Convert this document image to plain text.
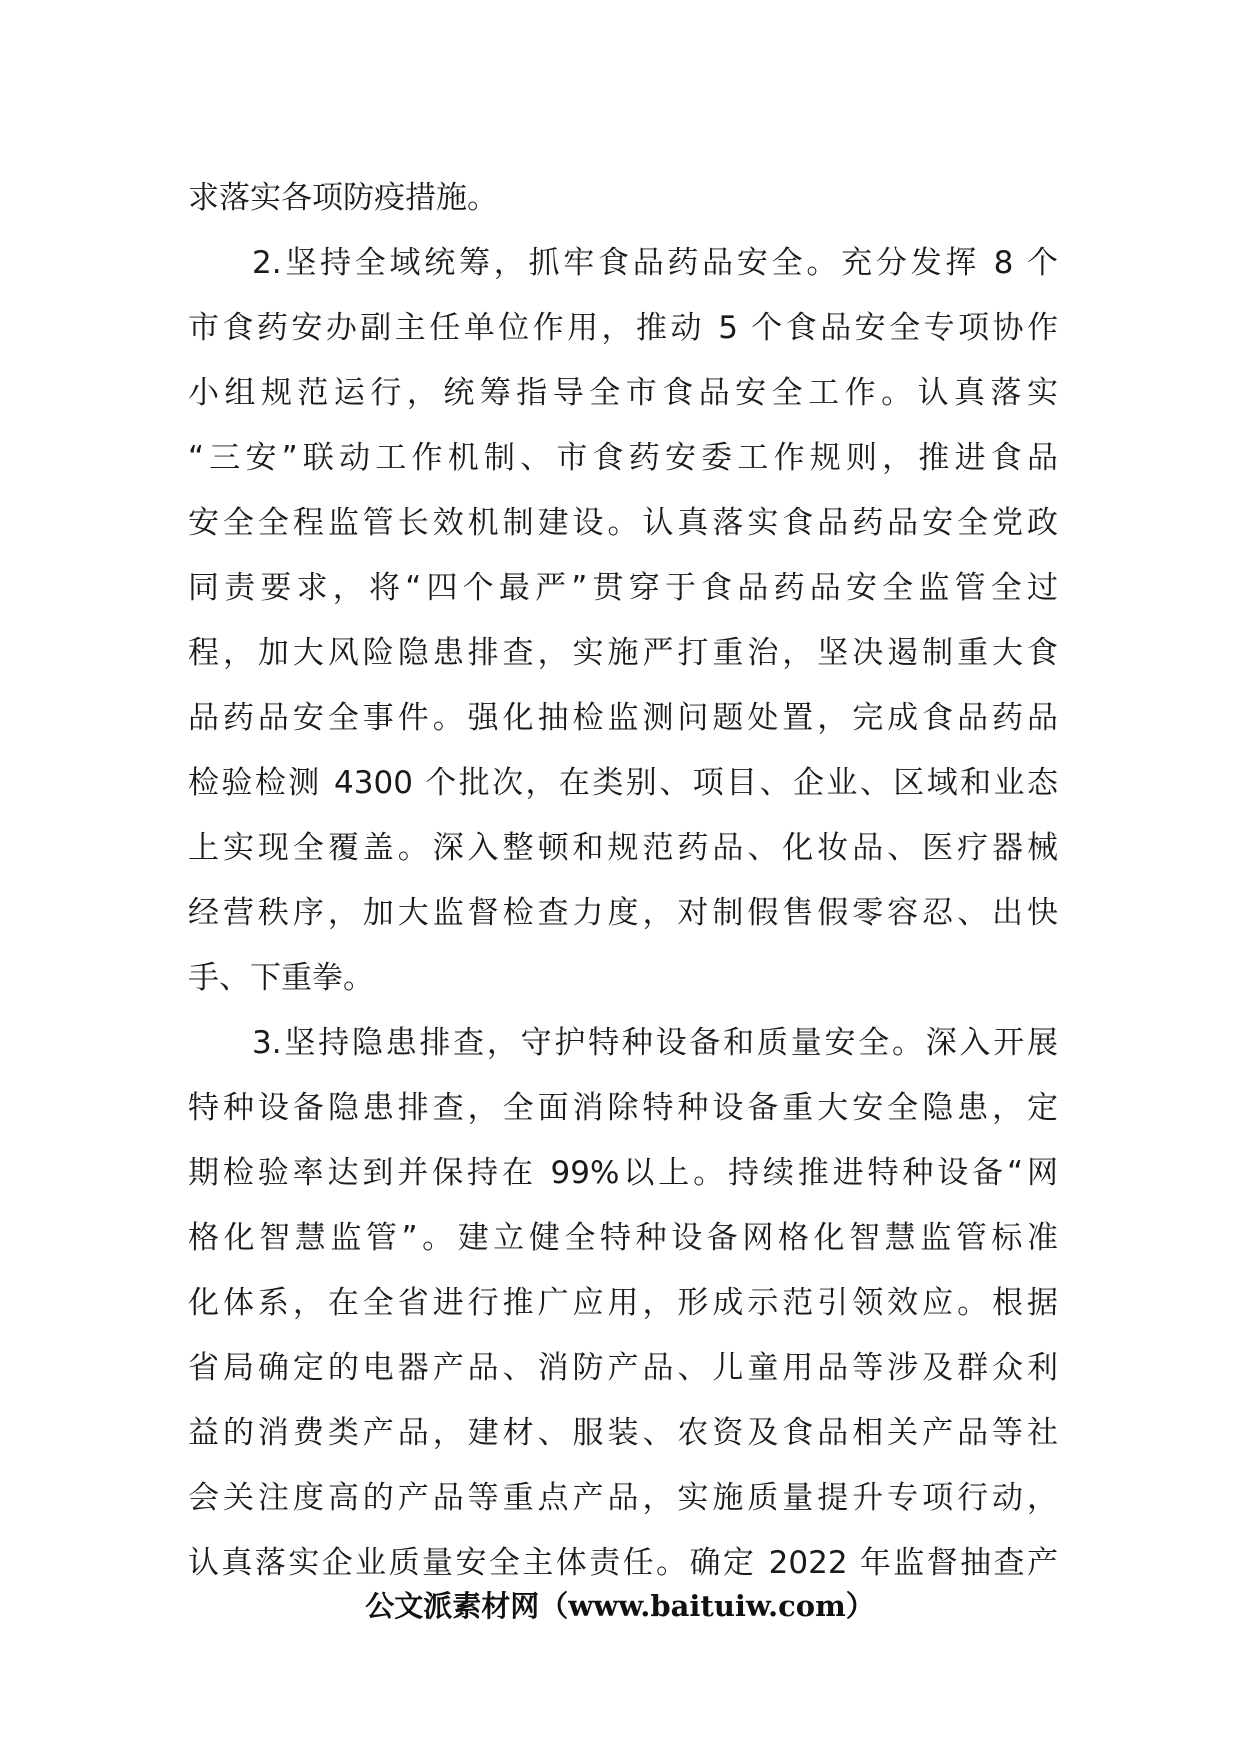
求落实各项防疫措施。
2.坚持全域统筹，抓牢食品药品安全。充分发挥 8 个
市食药安办副主任单位作用，推动 5 个食品安全专项协作
小组规范运行，统筹指导全市食品安全工作。认真落实
“三安”联动工作机制、市食药安委工作规则，推进食品
安全全程监管长效机制建设。认真落实食品药品安全党政
同责要求，将“四个最严”贯穿于食品药品安全监管全过
程，加大风险隐患排查，实施严打重治，坚决遏制重大食
品药品安全事件。强化抽检监测问题处置，完成食品药品
检验检测 4300 个批次，在类别、项目、企业、区域和业态
上实现全覆盖。深入整顿和规范药品、化妆品、医疗器械
经营秩序，加大监督检查力度，对制假售假零容忍、出快
手、下重拳。
3.坚持隐患排查，守护特种设备和质量安全。深入开展
特种设备隐患排查，全面消除特种设备重大安全隐患，定
期检验率达到并保持在 99%以上。持续推进特种设备“网
格化智慧监管”。建立健全特种设备网格化智慧监管标准
化体系，在全省进行推广应用，形成示范引领效应。根据
省局确定的电器产品、消防产品、儿童用品等涉及群众利
益的消费类产品，建材、服装、农资及食品相关产品等社
会关注度高的产品等重点产品，实施质量提升专项行动，
认真落实企业质量安全主体责任。确定 2022 年监督抽查产
公文派素材网（www.baituiw.com）
